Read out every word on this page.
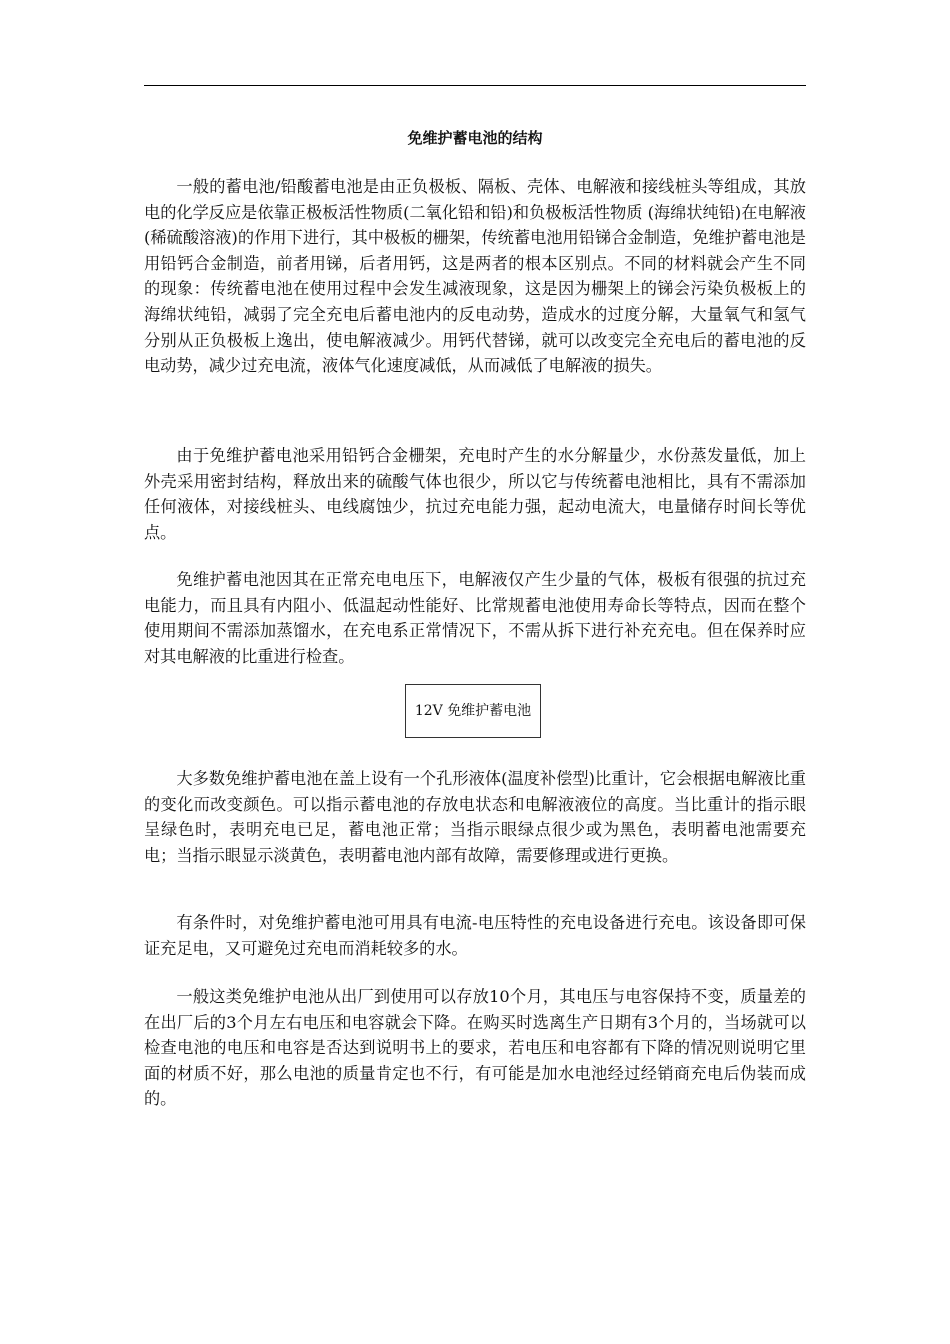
免维护蓄电池的结构

一般的蓄电池/铅酸蓄电池是由正负极板、隔板、壳体、电解液和接线桩头等组成，其放电的化学反应是依靠正极板活性物质(二氧化铅和铅)和负极板活性物质 (海绵状纯铅)在电解液(稀硫酸溶液)的作用下进行，其中极板的栅架，传统蓄电池用铅锑合金制造，免维护蓄电池是用铅钙合金制造，前者用锑，后者用钙，这是两者的根本区别点。不同的材料就会产生不同的现象：传统蓄电池在使用过程中会发生减液现象，这是因为栅架上的锑会污染负极板上的海绵状纯铅，减弱了完全充电后蓄电池内的反电动势，造成水的过度分解，大量氧气和氢气分别从正负极板上逸出，使电解液减少。用钙代替锑，就可以改变完全充电后的蓄电池的反电动势，减少过充电流，液体气化速度减低，从而减低了电解液的损失。

由于免维护蓄电池采用铅钙合金栅架，充电时产生的水分解量少，水份蒸发量低，加上外壳采用密封结构，释放出来的硫酸气体也很少，所以它与传统蓄电池相比，具有不需添加任何液体，对接线桩头、电线腐蚀少，抗过充电能力强，起动电流大，电量储存时间长等优点。

免维护蓄电池因其在正常充电电压下，电解液仅产生少量的气体，极板有很强的抗过充电能力，而且具有内阻小、低温起动性能好、比常规蓄电池使用寿命长等特点，因而在整个使用期间不需添加蒸馏水，在充电系正常情况下，不需从拆下进行补充充电。但在保养时应对其电解液的比重进行检查。

12V 免维护蓄电池

大多数免维护蓄电池在盖上设有一个孔形液体(温度补偿型)比重计，它会根据电解液比重的变化而改变颜色。可以指示蓄电池的存放电状态和电解液液位的高度。当比重计的指示眼呈绿色时，表明充电已足，蓄电池正常；当指示眼绿点很少或为黑色，表明蓄电池需要充电；当指示眼显示淡黄色，表明蓄电池内部有故障，需要修理或进行更换。

有条件时，对免维护蓄电池可用具有电流-电压特性的充电设备进行充电。该设备即可保证充足电，又可避免过充电而消耗较多的水。

一般这类免维护电池从出厂到使用可以存放10个月，其电压与电容保持不变，质量差的在出厂后的3个月左右电压和电容就会下降。在购买时选离生产日期有3个月的，当场就可以检查电池的电压和电容是否达到说明书上的要求，若电压和电容都有下降的情况则说明它里面的材质不好，那么电池的质量肯定也不行，有可能是加水电池经过经销商充电后伪装而成的。
